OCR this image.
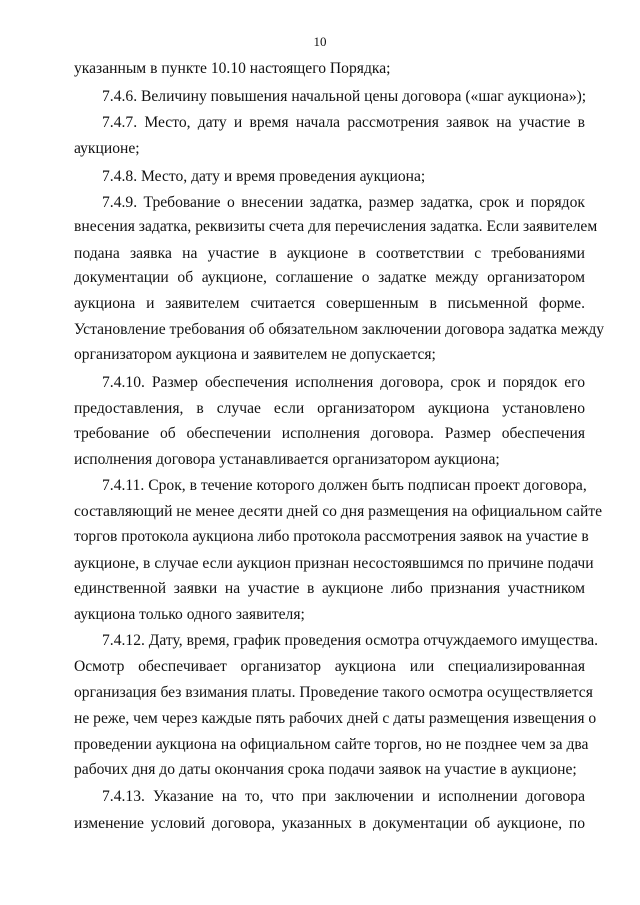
10
указанным в пункте 10.10 настоящего Порядка;
7.4.6. Величину повышения начальной цены договора («шаг аукциона»);
7.4.7. Место, дату и время начала рассмотрения заявок на участие в
аукционе;
7.4.8. Место, дату и время проведения аукциона;
7.4.9. Требование о внесении задатка, размер задатка, срок и порядок
внесения задатка, реквизиты счета для перечисления задатка. Если заявителем
подана заявка на участие в аукционе в соответствии с требованиями
документации об аукционе, соглашение о задатке между организатором
аукциона и заявителем считается совершенным в письменной форме.
Установление требования об обязательном заключении договора задатка между
организатором аукциона и заявителем не допускается;
7.4.10. Размер обеспечения исполнения договора, срок и порядок его
предоставления, в случае если организатором аукциона установлено
требование об обеспечении исполнения договора. Размер обеспечения
исполнения договора устанавливается организатором аукциона;
7.4.11. Срок, в течение которого должен быть подписан проект договора,
составляющий не менее десяти дней со дня размещения на официальном сайте
торгов протокола аукциона либо протокола рассмотрения заявок на участие в
аукционе, в случае если аукцион признан несостоявшимся по причине подачи
единственной заявки на участие в аукционе либо признания участником
аукциона только одного заявителя;
7.4.12. Дату, время, график проведения осмотра отчуждаемого имущества.
Осмотр обеспечивает организатор аукциона или специализированная
организация без взимания платы. Проведение такого осмотра осуществляется
не реже, чем через каждые пять рабочих дней с даты размещения извещения о
проведении аукциона на официальном сайте торгов, но не позднее чем за два
рабочих дня до даты окончания срока подачи заявок на участие в аукционе;
7.4.13. Указание на то, что при заключении и исполнении договора
изменение условий договора, указанных в документации об аукционе, по
